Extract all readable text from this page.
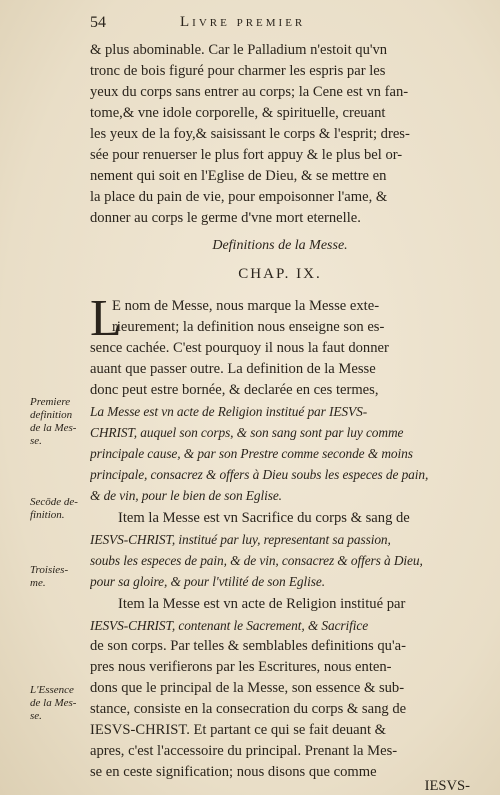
54	Livre premier
& plus abominable. Car le Palladium n'estoit qu'vn
tronc de bois figuré pour charmer les espris par les
yeux du corps sans entrer au corps; la Cene est vn fan-
tome,& vne idole corporelle, & spirituelle, creuant
les yeux de la foy,& saisissant le corps & l'esprit; dres-
sée pour renuerser le plus fort appuy & le plus bel or-
nement qui soit en l'Eglise de Dieu, & se mettre en
la place du pain de vie, pour empoisonner l'ame, &
donner au corps le germe d'vne mort eternelle.
Definitions de la Messe.
CHAP. IX.
L
E nom de Messe, nous marque la Messe exte-
rieurement; la definition nous enseigne son es-
sence cachée. C'est pourquoy il nous la faut donner
auant que passer outre. La definition de la Messe
donc peut estre bornée, & declarée en ces termes,
La Messe est vn acte de Religion institué par IESVS-
CHRIST, auquel son corps, & son sang sont par luy comme
principale cause, & par son Prestre comme seconde & moins
principale, consacrez & offers à Dieu soubs les especes de pain,
& de vin, pour le bien de son Eglise.
Item la Messe est vn Sacrifice du corps & sang de
IESVS-CHRIST, institué par luy, representant sa passion,
soubs les especes de pain, & de vin, consacrez & offers à Dieu,
pour sa gloire, & pour l'vtilité de son Eglise.
Item la Messe est vn acte de Religion institué par
IESVS-CHRIST, contenant le Sacrement, & Sacrifice
de son corps. Par telles & semblables definitions qu'a-
pres nous verifierons par les Escritures, nous enten-
dons que le principal de la Messe, son essence & sub-
stance, consiste en la consecration du corps & sang de
IESVS-CHRIST. Et partant ce qui se fait deuant &
apres, c'est l'accessoire du principal. Prenant la Mes-
se en ceste signification; nous disons que comme
IESVS-
Premiere
definition
de la Mes-
se.
Secōde de-
finition.
Troisies-
me.
L'Essence
de la Mes-
se.
